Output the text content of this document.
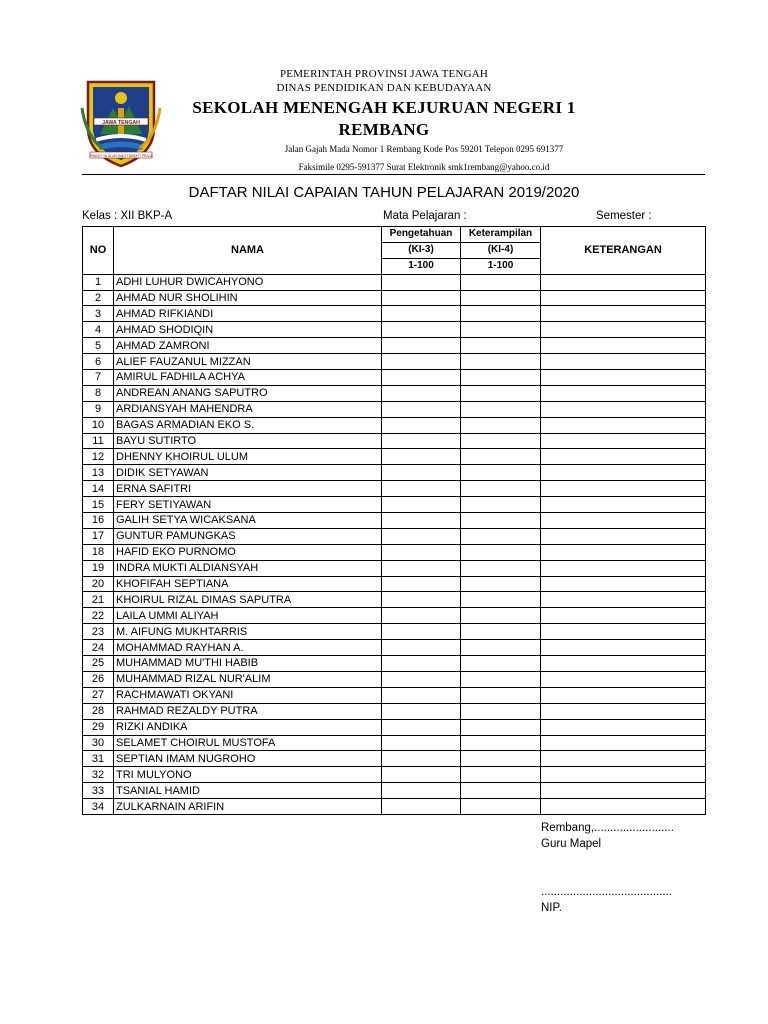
JAWA TENGAH
PRASETYA ULAH SAKTI BHAKTI PRAJA
PEMERINTAH PROVINSI JAWA TENGAH
DINAS PENDIDIKAN DAN KEBUDAYAAN
SEKOLAH MENENGAH KEJURUAN NEGERI 1
REMBANG
Jalan Gajah Mada Nomor 1 Rembang Kode Pos 59201 Telepon 0295 691377
Faksimile 0295-591377 Surat Elektronik smk1rembang@yahoo.co.id
DAFTAR NILAI CAPAIAN TAHUN PELAJARAN 2019/2020
Kelas : XII BKP-A	Mata Pelajaran :	Semester :
NO	NAMA	Pengetahuan	Keterampilan	KETERANGAN
		(KI-3)	(KI-4)	
		1-100	1-100	
1	ADHI LUHUR DWICAHYONO			
2	AHMAD NUR SHOLIHIN			
3	AHMAD RIFKIANDI			
4	AHMAD SHODIQIN			
5	AHMAD ZAMRONI			
6	ALIEF FAUZANUL MIZZAN			
7	AMIRUL FADHILA ACHYA			
8	ANDREAN ANANG SAPUTRO			
9	ARDIANSYAH MAHENDRA			
10	BAGAS ARMADIAN EKO S.			
11	BAYU SUTIRTO			
12	DHENNY KHOIRUL ULUM			
13	DIDIK SETYAWAN			
14	ERNA SAFITRI			
15	FERY SETIYAWAN			
16	GALIH SETYA WICAKSANA			
17	GUNTUR PAMUNGKAS			
18	HAFID EKO PURNOMO			
19	INDRA MUKTI ALDIANSYAH			
20	KHOFIFAH SEPTIANA			
21	KHOIRUL RIZAL DIMAS SAPUTRA			
22	LAILA UMMI ALIYAH			
23	M. AIFUNG MUKHTARRIS			
24	MOHAMMAD RAYHAN A.			
25	MUHAMMAD MU'THI HABIB			
26	MUHAMMAD RIZAL NUR'ALIM			
27	RACHMAWATI OKYANI			
28	RAHMAD REZALDY PUTRA			
29	RIZKI ANDIKA			
30	SELAMET CHOIRUL MUSTOFA			
31	SEPTIAN IMAM NUGROHO			
32	TRI MULYONO			
33	TSANIAL HAMID			
34	ZULKARNAIN ARIFIN			
Rembang,.........................
Guru Mapel
.........................................
NIP.
